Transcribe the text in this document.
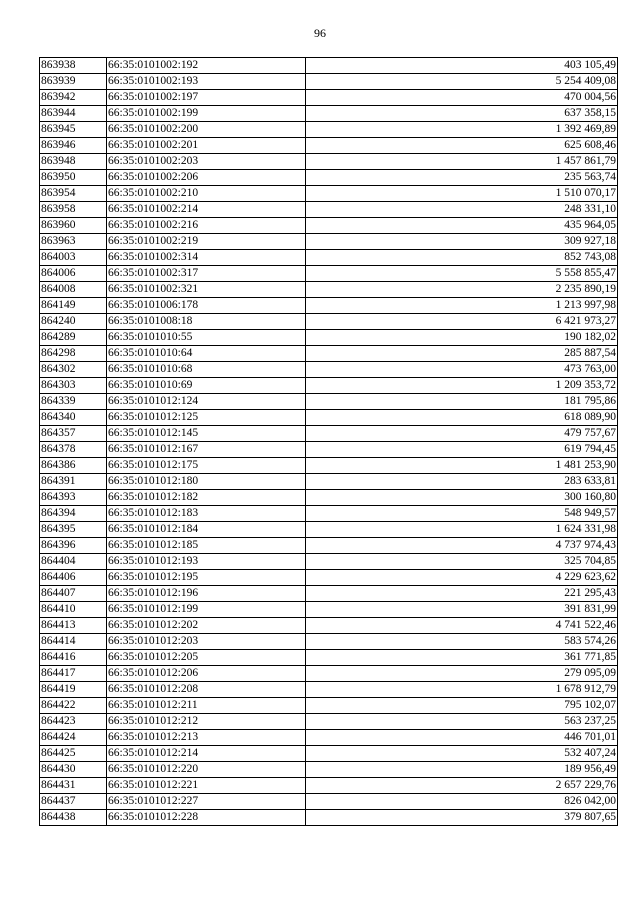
96
863938	66:35:0101002:192	403 105,49
863939	66:35:0101002:193	5 254 409,08
863942	66:35:0101002:197	470 004,56
863944	66:35:0101002:199	637 358,15
863945	66:35:0101002:200	1 392 469,89
863946	66:35:0101002:201	625 608,46
863948	66:35:0101002:203	1 457 861,79
863950	66:35:0101002:206	235 563,74
863954	66:35:0101002:210	1 510 070,17
863958	66:35:0101002:214	248 331,10
863960	66:35:0101002:216	435 964,05
863963	66:35:0101002:219	309 927,18
864003	66:35:0101002:314	852 743,08
864006	66:35:0101002:317	5 558 855,47
864008	66:35:0101002:321	2 235 890,19
864149	66:35:0101006:178	1 213 997,98
864240	66:35:0101008:18	6 421 973,27
864289	66:35:0101010:55	190 182,02
864298	66:35:0101010:64	285 887,54
864302	66:35:0101010:68	473 763,00
864303	66:35:0101010:69	1 209 353,72
864339	66:35:0101012:124	181 795,86
864340	66:35:0101012:125	618 089,90
864357	66:35:0101012:145	479 757,67
864378	66:35:0101012:167	619 794,45
864386	66:35:0101012:175	1 481 253,90
864391	66:35:0101012:180	283 633,81
864393	66:35:0101012:182	300 160,80
864394	66:35:0101012:183	548 949,57
864395	66:35:0101012:184	1 624 331,98
864396	66:35:0101012:185	4 737 974,43
864404	66:35:0101012:193	325 704,85
864406	66:35:0101012:195	4 229 623,62
864407	66:35:0101012:196	221 295,43
864410	66:35:0101012:199	391 831,99
864413	66:35:0101012:202	4 741 522,46
864414	66:35:0101012:203	583 574,26
864416	66:35:0101012:205	361 771,85
864417	66:35:0101012:206	279 095,09
864419	66:35:0101012:208	1 678 912,79
864422	66:35:0101012:211	795 102,07
864423	66:35:0101012:212	563 237,25
864424	66:35:0101012:213	446 701,01
864425	66:35:0101012:214	532 407,24
864430	66:35:0101012:220	189 956,49
864431	66:35:0101012:221	2 657 229,76
864437	66:35:0101012:227	826 042,00
864438	66:35:0101012:228	379 807,65
